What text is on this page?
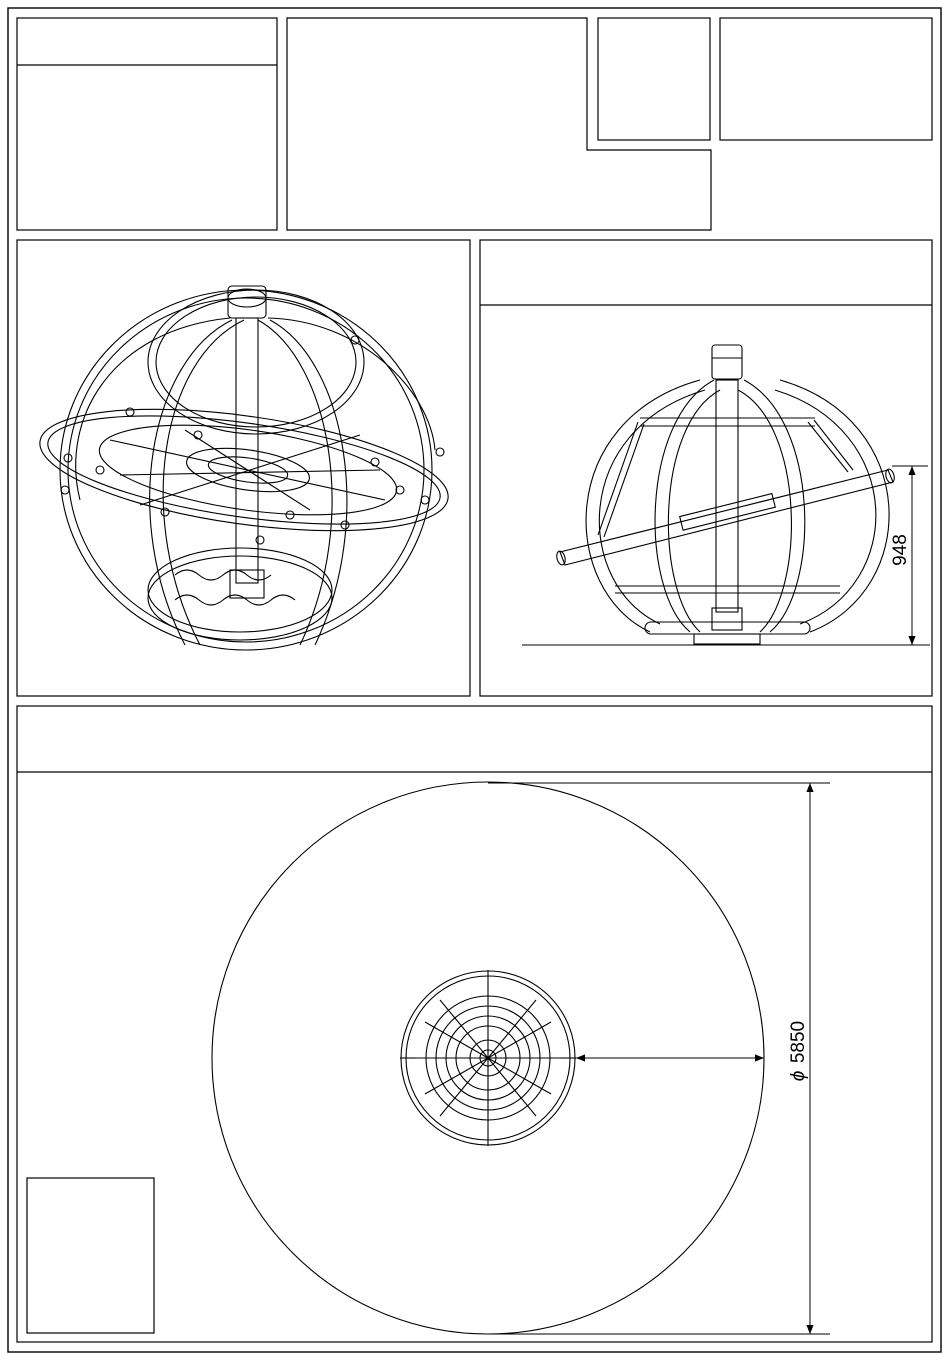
948
ϕ
5850
